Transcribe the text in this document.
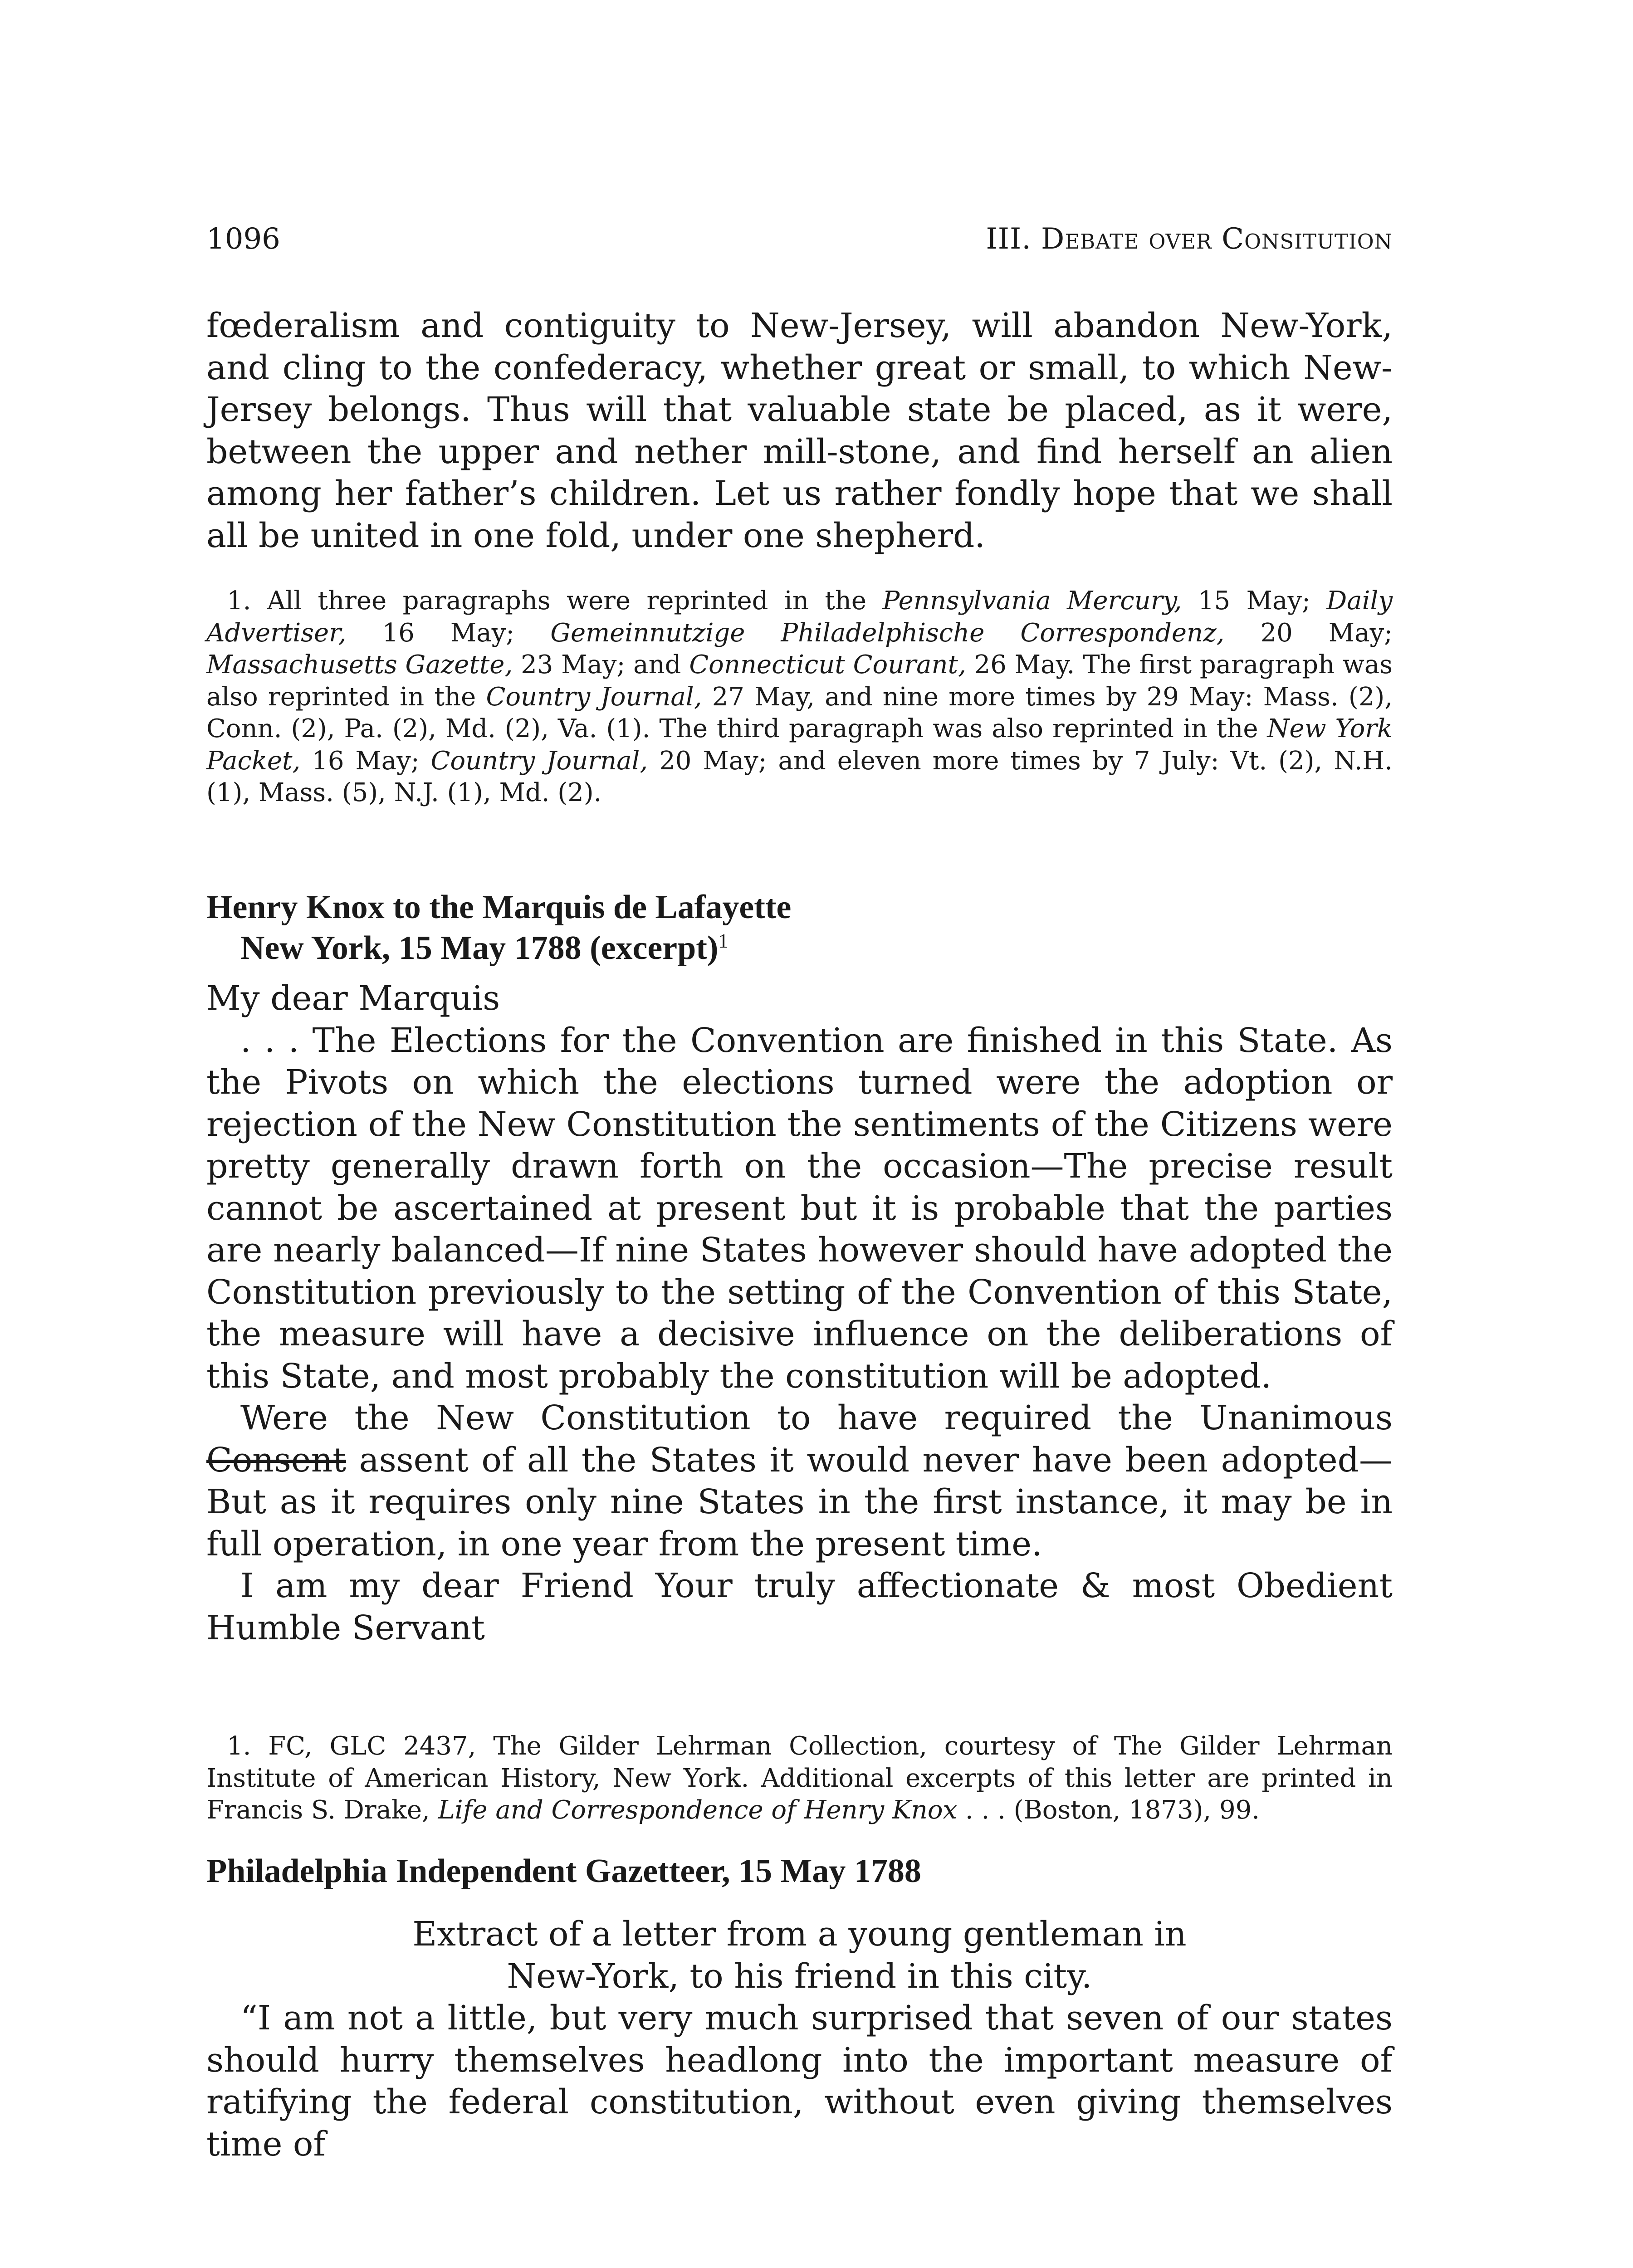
1096	III. Debate over Consitution

fœderalism and contiguity to New-Jersey, will abandon New-York, and cling to the confederacy, whether great or small, to which New-Jersey belongs. Thus will that valuable state be placed, as it were, between the upper and nether mill-stone, and find herself an alien among her father’s children. Let us rather fondly hope that we shall all be united in one fold, under one shepherd.

1. All three paragraphs were reprinted in the Pennsylvania Mercury, 15 May; Daily Advertiser, 16 May; Gemeinnutzige Philadelphische Correspondenz, 20 May; Massachusetts Gazette, 23 May; and Connecticut Courant, 26 May. The first paragraph was also reprinted in the Country Journal, 27 May, and nine more times by 29 May: Mass. (2), Conn. (2), Pa. (2), Md. (2), Va. (1). The third paragraph was also reprinted in the New York Packet, 16 May; Country Journal, 20 May; and eleven more times by 7 July: Vt. (2), N.H. (1), Mass. (5), N.J. (1), Md. (2).

Henry Knox to the Marquis de Lafayette

New York, 15 May 1788 (excerpt)$^1$

My dear Marquis

. . . The Elections for the Convention are finished in this State. As the Pivots on which the elections turned were the adoption or rejection of the New Constitution the sentiments of the Citizens were pretty generally drawn forth on the occasion—The precise result cannot be ascertained at present but it is probable that the parties are nearly balanced—If nine States however should have adopted the Constitution previously to the setting of the Convention of this State, the measure will have a decisive influence on the deliberations of this State, and most probably the constitution will be adopted.

Were the New Constitution to have required the Unanimous Consent assent of all the States it would never have been adopted—But as it requires only nine States in the first instance, it may be in full operation, in one year from the present time.

I am my dear Friend Your truly affectionate & most Obedient Humble Servant

1. FC, GLC 2437, The Gilder Lehrman Collection, courtesy of The Gilder Lehrman Institute of American History, New York. Additional excerpts of this letter are printed in Francis S. Drake, Life and Correspondence of Henry Knox . . . (Boston, 1873), 99.

Philadelphia Independent Gazetteer, 15 May 1788

Extract of a letter from a young gentleman in

New-York, to his friend in this city.

“I am not a little, but very much surprised that seven of our states should hurry themselves headlong into the important measure of ratifying the federal constitution, without even giving themselves time of
